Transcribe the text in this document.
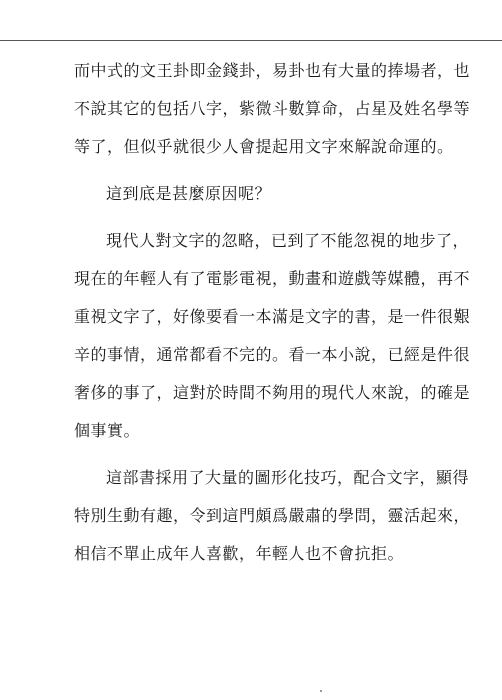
而中式的文王卦即金錢卦，易卦也有大量的捧場者，也
不說其它的包括八字，紫微斗數算命，占星及姓名學等
等了，但似乎就很少人會提起用文字來解說命運的。
這到底是甚麼原因呢？
現代人對文字的忽略，已到了不能忽視的地步了，
現在的年輕人有了電影電視，動畫和遊戲等媒體，再不
重視文字了，好像要看一本滿是文字的書，是一件很艱
辛的事情，通常都看不完的。看一本小說，已經是件很
奢侈的事了，這對於時間不夠用的現代人來說，的確是
個事實。
這部書採用了大量的圖形化技巧，配合文字，顯得
特別生動有趣，令到這門頗爲嚴肅的學問，靈活起來，
相信不單止成年人喜歡，年輕人也不會抗拒。
